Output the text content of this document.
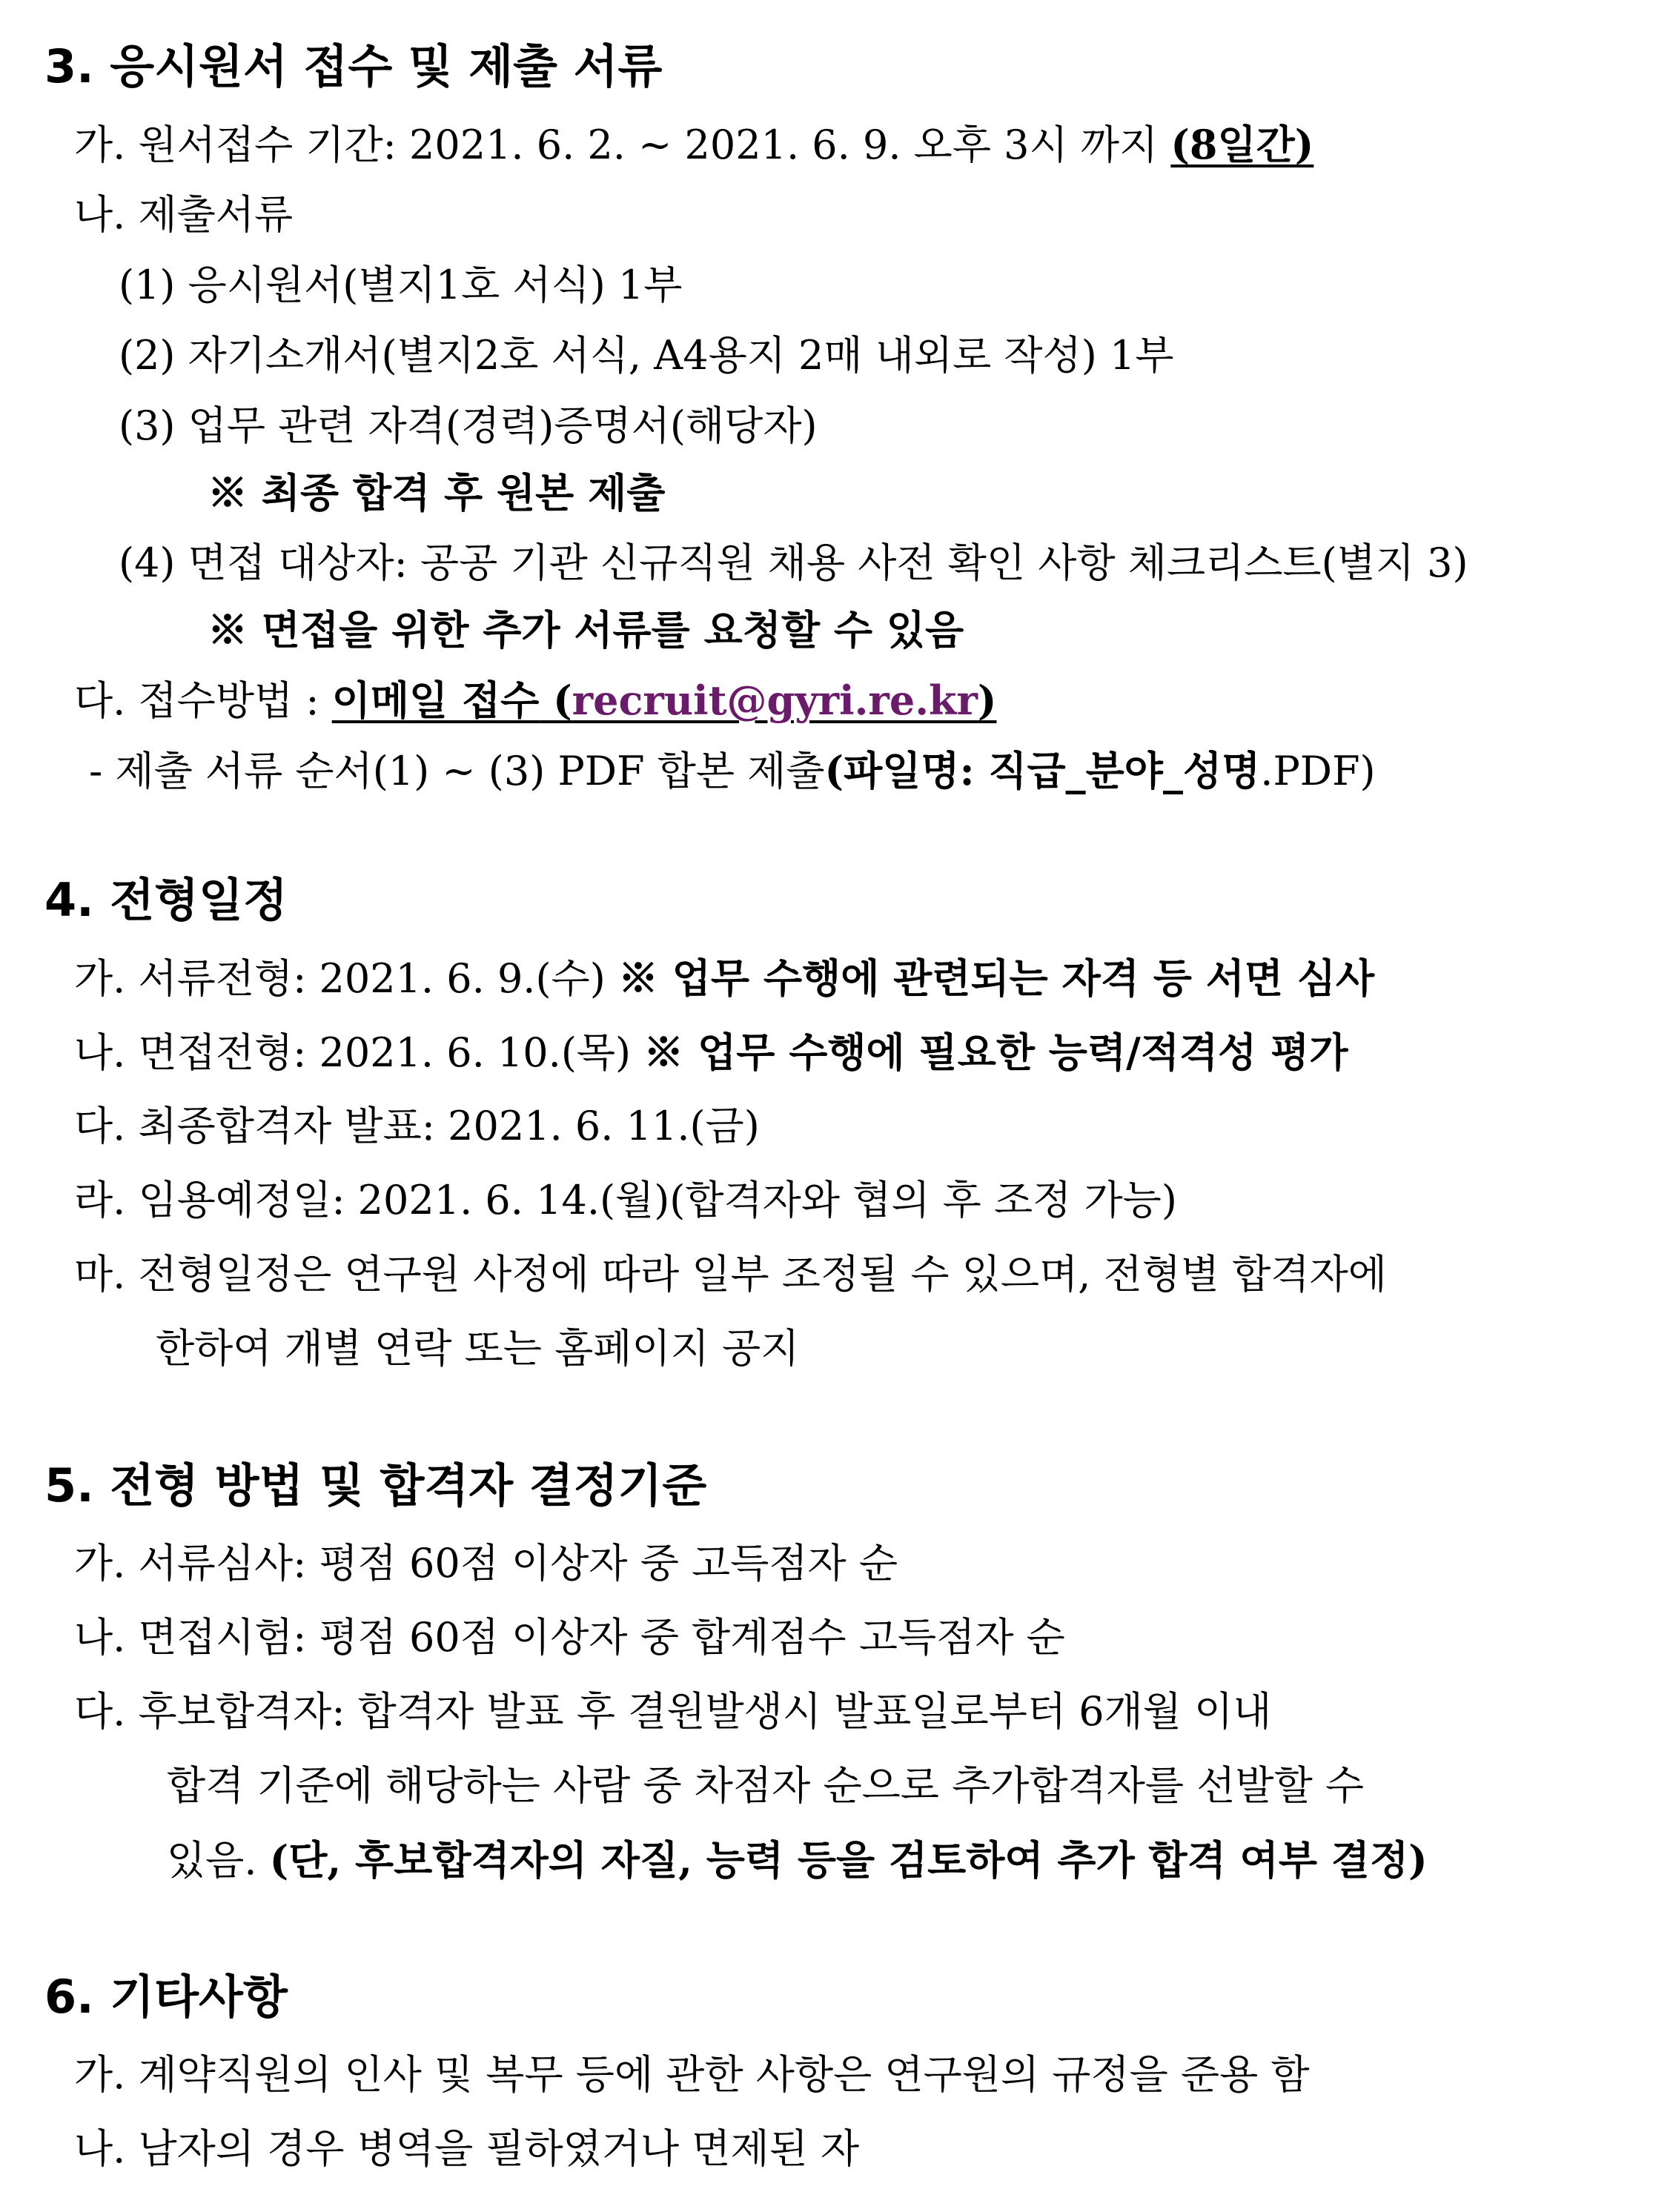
3. 응시원서 접수 및 제출 서류
가. 원서접수 기간: 2021. 6. 2. ~ 2021. 6. 9. 오후 3시 까지 (8일간)
나. 제출서류
(1) 응시원서(별지1호 서식) 1부
(2) 자기소개서(별지2호 서식, A4용지 2매 내외로 작성) 1부
(3) 업무 관련 자격(경력)증명서(해당자)
※ 최종 합격 후 원본 제출
(4) 면접 대상자: 공공 기관 신규직원 채용 사전 확인 사항 체크리스트(별지 3)
※ 면접을 위한 추가 서류를 요청할 수 있음
다. 접수방법 : 이메일 접수 (recruit@gyri.re.kr)
- 제출 서류 순서(1) ~ (3) PDF 합본 제출(파일명: 직급_분야_성명.PDF)
4. 전형일정
가. 서류전형: 2021. 6. 9.(수) ※ 업무 수행에 관련되는 자격 등 서면 심사
나. 면접전형: 2021. 6. 10.(목) ※ 업무 수행에 필요한 능력/적격성 평가
다. 최종합격자 발표: 2021. 6. 11.(금)
라. 임용예정일: 2021. 6. 14.(월)(합격자와 협의 후 조정 가능)
마. 전형일정은 연구원 사정에 따라 일부 조정될 수 있으며, 전형별 합격자에
한하여 개별 연락 또는 홈페이지 공지
5. 전형 방법 및 합격자 결정기준
가. 서류심사: 평점 60점 이상자 중 고득점자 순
나. 면접시험: 평점 60점 이상자 중 합계점수 고득점자 순
다. 후보합격자: 합격자 발표 후 결원발생시 발표일로부터 6개월 이내
합격 기준에 해당하는 사람 중 차점자 순으로 추가합격자를 선발할 수
있음. (단, 후보합격자의 자질, 능력 등을 검토하여 추가 합격 여부 결정)
6. 기타사항
가. 계약직원의 인사 및 복무 등에 관한 사항은 연구원의 규정을 준용 함
나. 남자의 경우 병역을 필하였거나 면제된 자
